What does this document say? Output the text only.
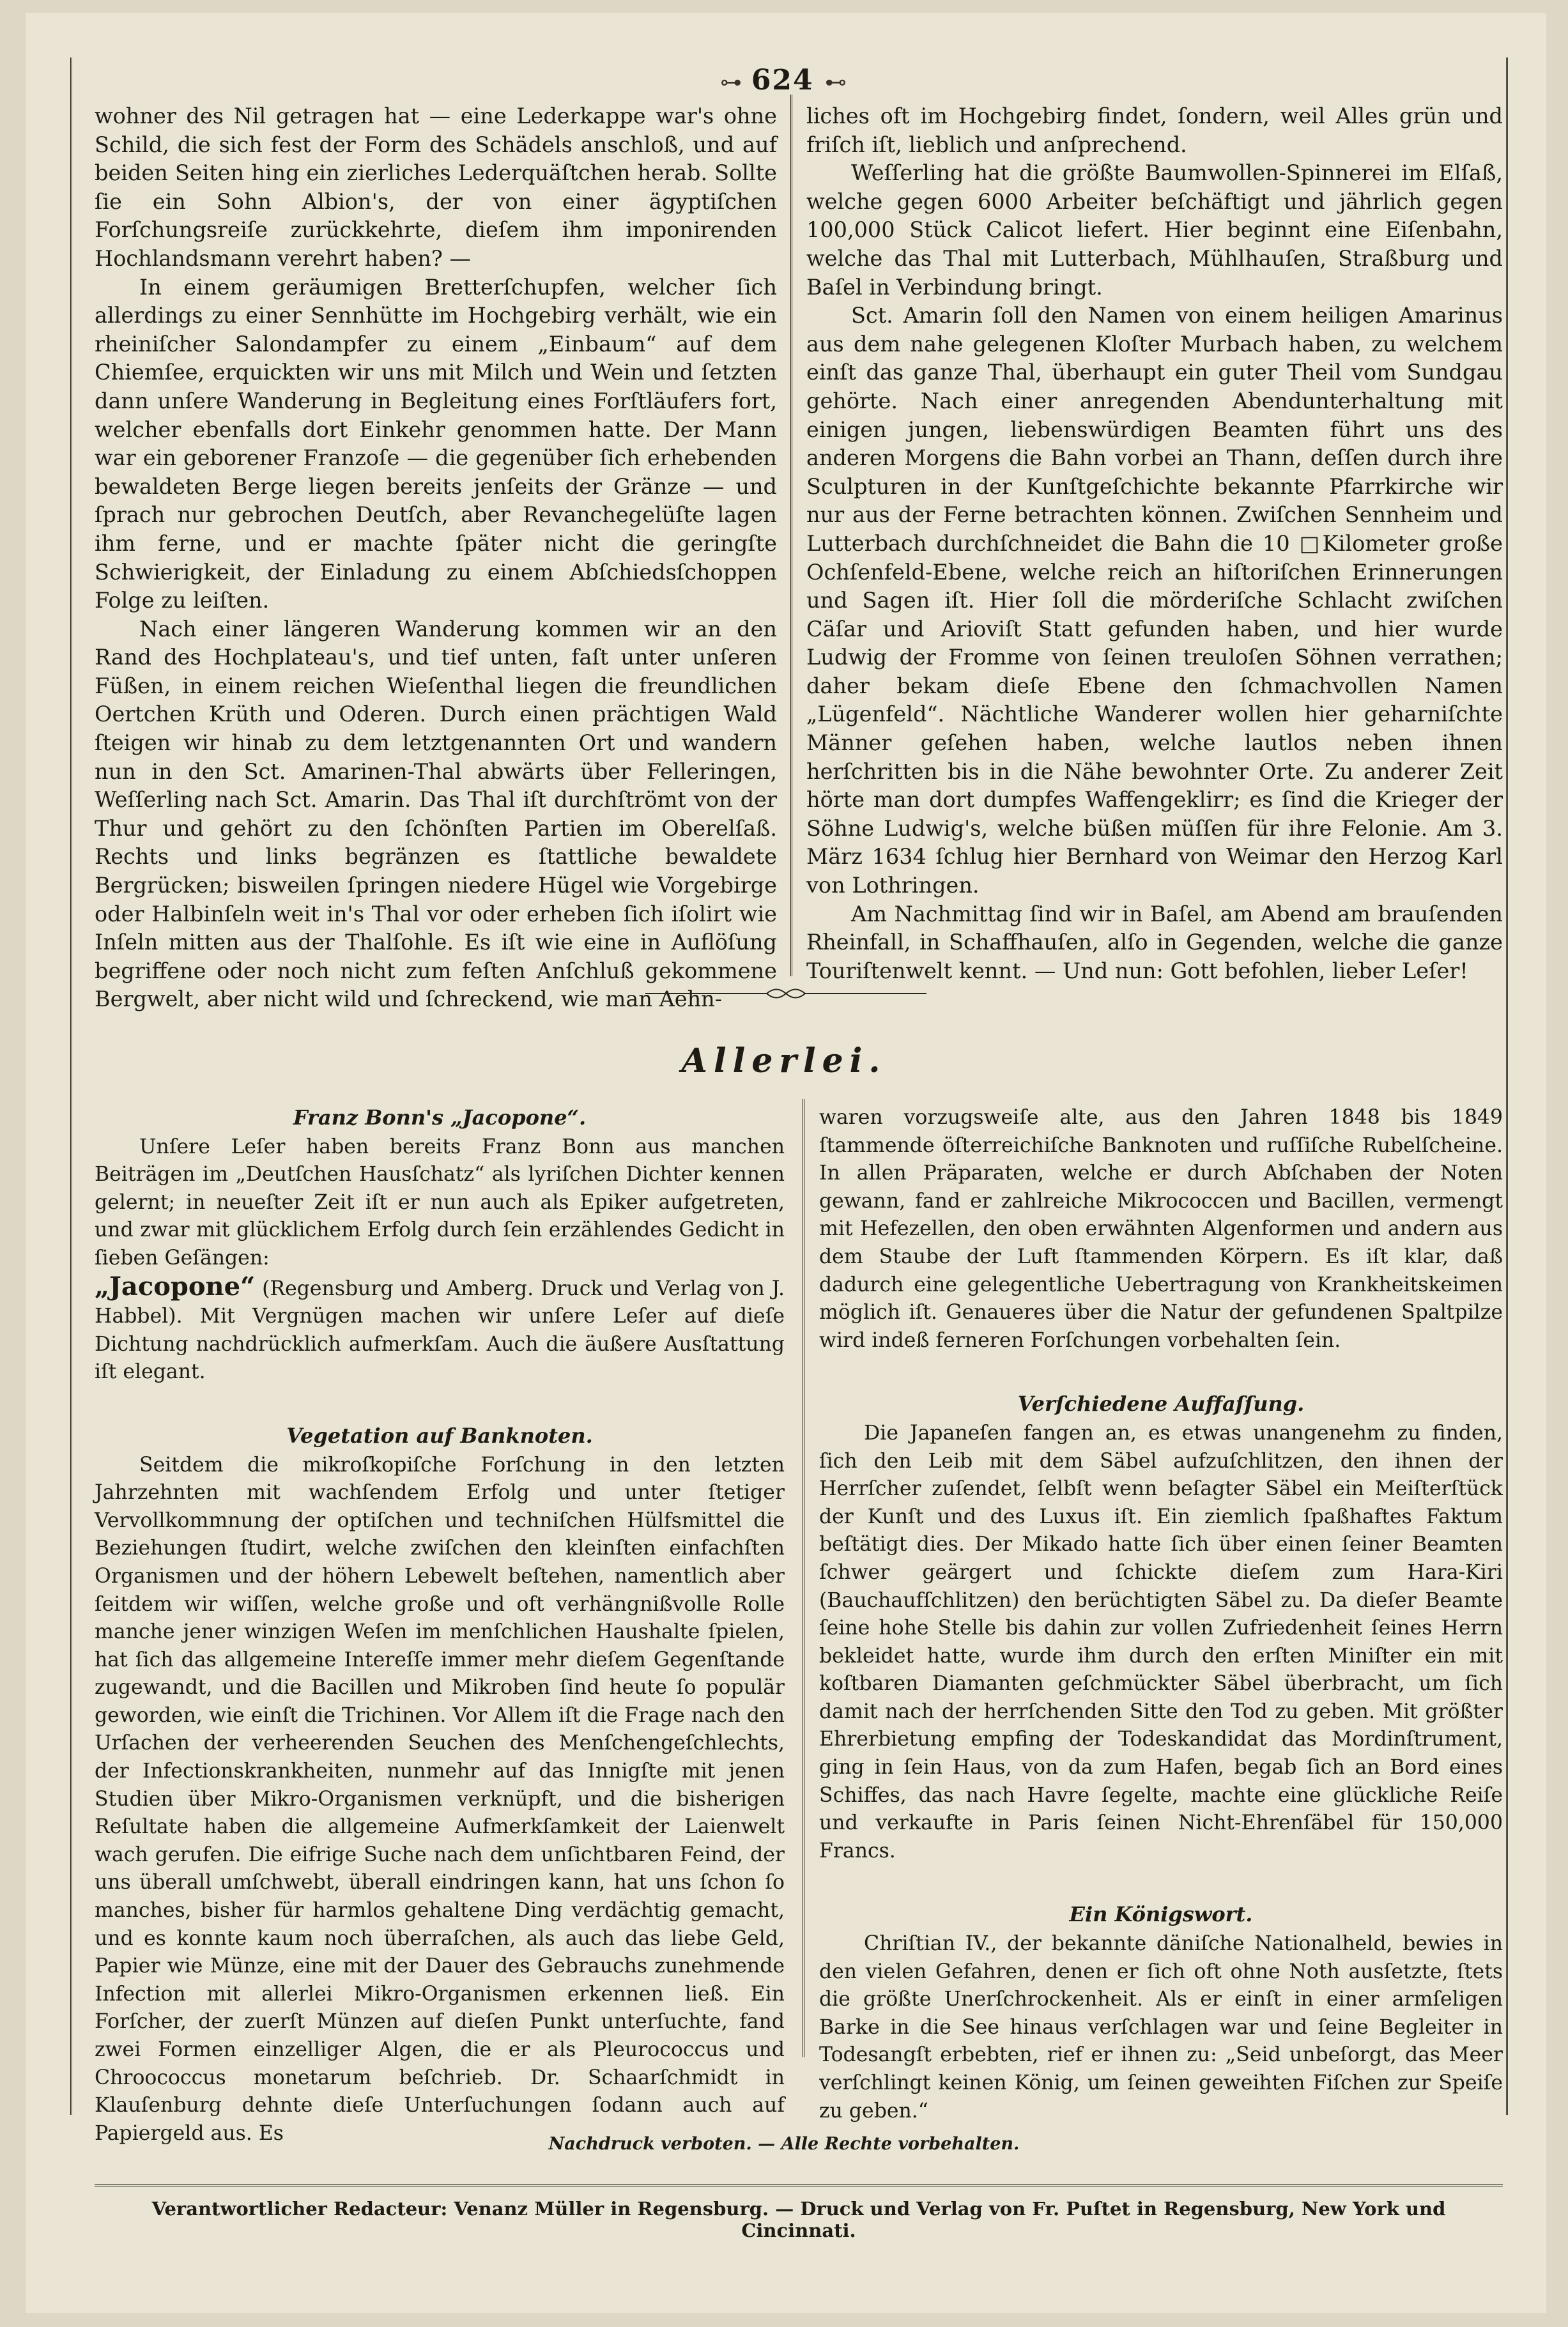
⊶ 624 ⊷

wohner des Nil getragen hat — eine Lederkappe war's ohne Schild, die sich fest der Form des Schädels anschloß, und auf beiden Seiten hing ein zierliches Lederquäſtchen herab. Sollte ſie ein Sohn Albion's, der von einer ägyptiſchen Forſchungsreiſe zurückkehrte, dieſem ihm imponirenden Hochlandsmann verehrt haben? —

In einem geräumigen Bretterſchupfen, welcher ſich allerdings zu einer Sennhütte im Hochgebirg verhält, wie ein rheiniſcher Salondampfer zu einem „Einbaum“ auf dem Chiemſee, erquickten wir uns mit Milch und Wein und ſetzten dann unſere Wanderung in Begleitung eines Forſtläufers fort, welcher ebenfalls dort Einkehr genommen hatte. Der Mann war ein geborener Franzoſe — die gegenüber ſich erhebenden bewaldeten Berge liegen bereits jenſeits der Gränze — und ſprach nur gebrochen Deutſch, aber Revanchegelüſte lagen ihm ferne, und er machte ſpäter nicht die geringſte Schwierigkeit, der Einladung zu einem Abſchiedsſchoppen Folge zu leiſten.

Nach einer längeren Wanderung kommen wir an den Rand des Hochplateau's, und tief unten, faſt unter unſeren Füßen, in einem reichen Wieſenthal liegen die freundlichen Oertchen Krüth und Oderen. Durch einen prächtigen Wald ſteigen wir hinab zu dem letztgenannten Ort und wandern nun in den Sct. Amarinen-Thal abwärts über Felleringen, Weſſerling nach Sct. Amarin. Das Thal iſt durchſtrömt von der Thur und gehört zu den ſchönſten Partien im Oberelſaß. Rechts und links begränzen es ſtattliche bewaldete Bergrücken; bisweilen ſpringen niedere Hügel wie Vorgebirge oder Halbinſeln weit in's Thal vor oder erheben ſich iſolirt wie Inſeln mitten aus der Thalſohle. Es iſt wie eine in Auflöſung begriffene oder noch nicht zum feſten Anſchluß gekommene Bergwelt, aber nicht wild und ſchreckend, wie man Aehn-

liches oft im Hochgebirg findet, ſondern, weil Alles grün und friſch iſt, lieblich und anſprechend.

Weſſerling hat die größte Baumwollen-Spinnerei im Elſaß, welche gegen 6000 Arbeiter beſchäftigt und jährlich gegen 100,000 Stück Calicot liefert. Hier beginnt eine Eiſenbahn, welche das Thal mit Lutterbach, Mühlhauſen, Straßburg und Baſel in Verbindung bringt.

Sct. Amarin ſoll den Namen von einem heiligen Amarinus aus dem nahe gelegenen Kloſter Murbach haben, zu welchem einſt das ganze Thal, überhaupt ein guter Theil vom Sundgau gehörte. Nach einer anregenden Abendunterhaltung mit einigen jungen, liebenswürdigen Beamten führt uns des anderen Morgens die Bahn vorbei an Thann, deſſen durch ihre Sculpturen in der Kunſtgeſchichte bekannte Pfarrkirche wir nur aus der Ferne betrachten können. Zwiſchen Sennheim und Lutterbach durchſchneidet die Bahn die 10 □Kilometer große Ochſenfeld-Ebene, welche reich an hiſtoriſchen Erinnerungen und Sagen iſt. Hier ſoll die mörderiſche Schlacht zwiſchen Cäſar und Arioviſt Statt gefunden haben, und hier wurde Ludwig der Fromme von ſeinen treuloſen Söhnen verrathen; daher bekam dieſe Ebene den ſchmachvollen Namen „Lügenfeld“. Nächtliche Wanderer wollen hier geharniſchte Männer geſehen haben, welche lautlos neben ihnen herſchritten bis in die Nähe bewohnter Orte. Zu anderer Zeit hörte man dort dumpfes Waffengeklirr; es ſind die Krieger der Söhne Ludwig's, welche büßen müſſen für ihre Felonie. Am 3. März 1634 ſchlug hier Bernhard von Weimar den Herzog Karl von Lothringen.

Am Nachmittag ſind wir in Baſel, am Abend am brauſenden Rheinfall, in Schaffhauſen, alſo in Gegenden, welche die ganze Touriſtenwelt kennt. — Und nun: Gott befohlen, lieber Leſer!

Allerlei.
Franz Bonn's „Jacopone“.

Unſere Leſer haben bereits Franz Bonn aus manchen Beiträgen im „Deutſchen Hausſchatz“ als lyriſchen Dichter kennen gelernt; in neueſter Zeit iſt er nun auch als Epiker aufgetreten, und zwar mit glücklichem Erfolg durch ſein erzählendes Gedicht in ſieben Geſängen:
„Jacopone“ (Regensburg und Amberg. Druck und Verlag von J. Habbel). Mit Vergnügen machen wir unſere Leſer auf dieſe Dichtung nachdrücklich aufmerkſam. Auch die äußere Ausſtattung iſt elegant.

Vegetation auf Banknoten.

Seitdem die mikroſkopiſche Forſchung in den letzten Jahrzehnten mit wachſendem Erfolg und unter ſtetiger Vervollkommnung der optiſchen und techniſchen Hülfsmittel die Beziehungen ſtudirt, welche zwiſchen den kleinſten einfachſten Organismen und der höhern Lebewelt beſtehen, namentlich aber ſeitdem wir wiſſen, welche große und oft verhängnißvolle Rolle manche jener winzigen Weſen im menſchlichen Haushalte ſpielen, hat ſich das allgemeine Intereſſe immer mehr dieſem Gegenſtande zugewandt, und die Bacillen und Mikroben ſind heutе ſo populär geworden, wie einſt die Trichinen. Vor Allem iſt die Frage nach den Urſachen der verheerenden Seuchen des Menſchengeſchlechts, der Infectionskrankheiten, nunmehr auf das Innigſte mit jenen Studien über Mikro-Organismen verknüpft, und die bisherigen Reſultate haben die allgemeine Aufmerkſamkeit der Laienwelt wach gerufen. Die eifrige Suche nach dem unſichtbaren Feind, der uns überall umſchwebt, überall eindringen kann, hat uns ſchon ſo manches, bisher für harmlos gehaltene Ding verdächtig gemacht, und es konnte kaum noch überraſchen, als auch das liebe Geld, Papier wie Münze, eine mit der Dauer des Gebrauchs zunehmende Infection mit allerlei Mikro-Organismen erkennen ließ. Ein Forſcher, der zuerſt Münzen auf dieſen Punkt unterſuchte, fand zwei Formen einzelliger Algen, die er als Pleurococcus und Chroococcus monetarum beſchrieb. Dr. Schaarſchmidt in Klauſenburg dehnte dieſe Unterſuchungen ſodann auch auf Papiergeld aus. Es

waren vorzugsweiſe alte, aus den Jahren 1848 bis 1849 ſtammende öſterreichiſche Banknoten und ruſſiſche Rubelſcheine. In allen Präparaten, welche er durch Abſchaben der Noten gewann, fand er zahlreiche Mikrococcen und Bacillen, vermengt mit Hefezellen, den oben erwähnten Algenformen und andern aus dem Staube der Luft ſtammenden Körpern. Es iſt klar, daß dadurch eine gelegentliche Uebertragung von Krankheitskeimen möglich iſt. Genaueres über die Natur der gefundenen Spaltpilze wird indeß ferneren Forſchungen vorbehalten ſein.

Verſchiedene Auffaſſung.

Die Japaneſen fangen an, es etwas unangenehm zu finden, ſich den Leib mit dem Säbel aufzuſchlitzen, den ihnen der Herrſcher zuſendet, ſelbſt wenn beſagter Säbel ein Meiſterſtück der Kunſt und des Luxus iſt. Ein ziemlich ſpaßhaftes Faktum beſtätigt dies. Der Mikado hatte ſich über einen ſeiner Beamten ſchwer geärgert und ſchickte dieſem zum Hara-Kiri (Bauchaufſchlitzen) den berüchtigten Säbel zu. Da dieſer Beamte ſeine hohe Stelle bis dahin zur vollen Zufriedenheit ſeines Herrn bekleidet hatte, wurde ihm durch den erſten Miniſter ein mit koſtbaren Diamanten geſchmückter Säbel überbracht, um ſich damit nach der herrſchenden Sitte den Tod zu geben. Mit größter Ehrerbietung empfing der Todeskandidat das Mordinſtrument, ging in ſein Haus, von da zum Hafen, begab ſich an Bord eines Schiffes, das nach Havre ſegelte, machte eine glückliche Reiſe und verkaufte in Paris ſeinen Nicht-Ehrenſäbel für 150,000 Francs.

Ein Königswort.

Chriſtian IV., der bekannte däniſche Nationalheld, bewies in den vielen Gefahren, denen er ſich oft ohne Noth ausſetzte, ſtets die größte Unerſchrockenheit. Als er einſt in einer armſeligen Barke in die See hinaus verſchlagen war und ſeine Begleiter in Todesangſt erbebten, rief er ihnen zu: „Seid unbeſorgt, das Meer verſchlingt keinen König, um ſeinen geweihten Fiſchen zur Speiſe zu geben.“

Nachdruck verboten. — Alle Rechte vorbehalten.
Verantwortlicher Redacteur: Venanz Müller in Regensburg. — Druck und Verlag von Fr. Puſtet in Regensburg, New York und Cincinnati.
